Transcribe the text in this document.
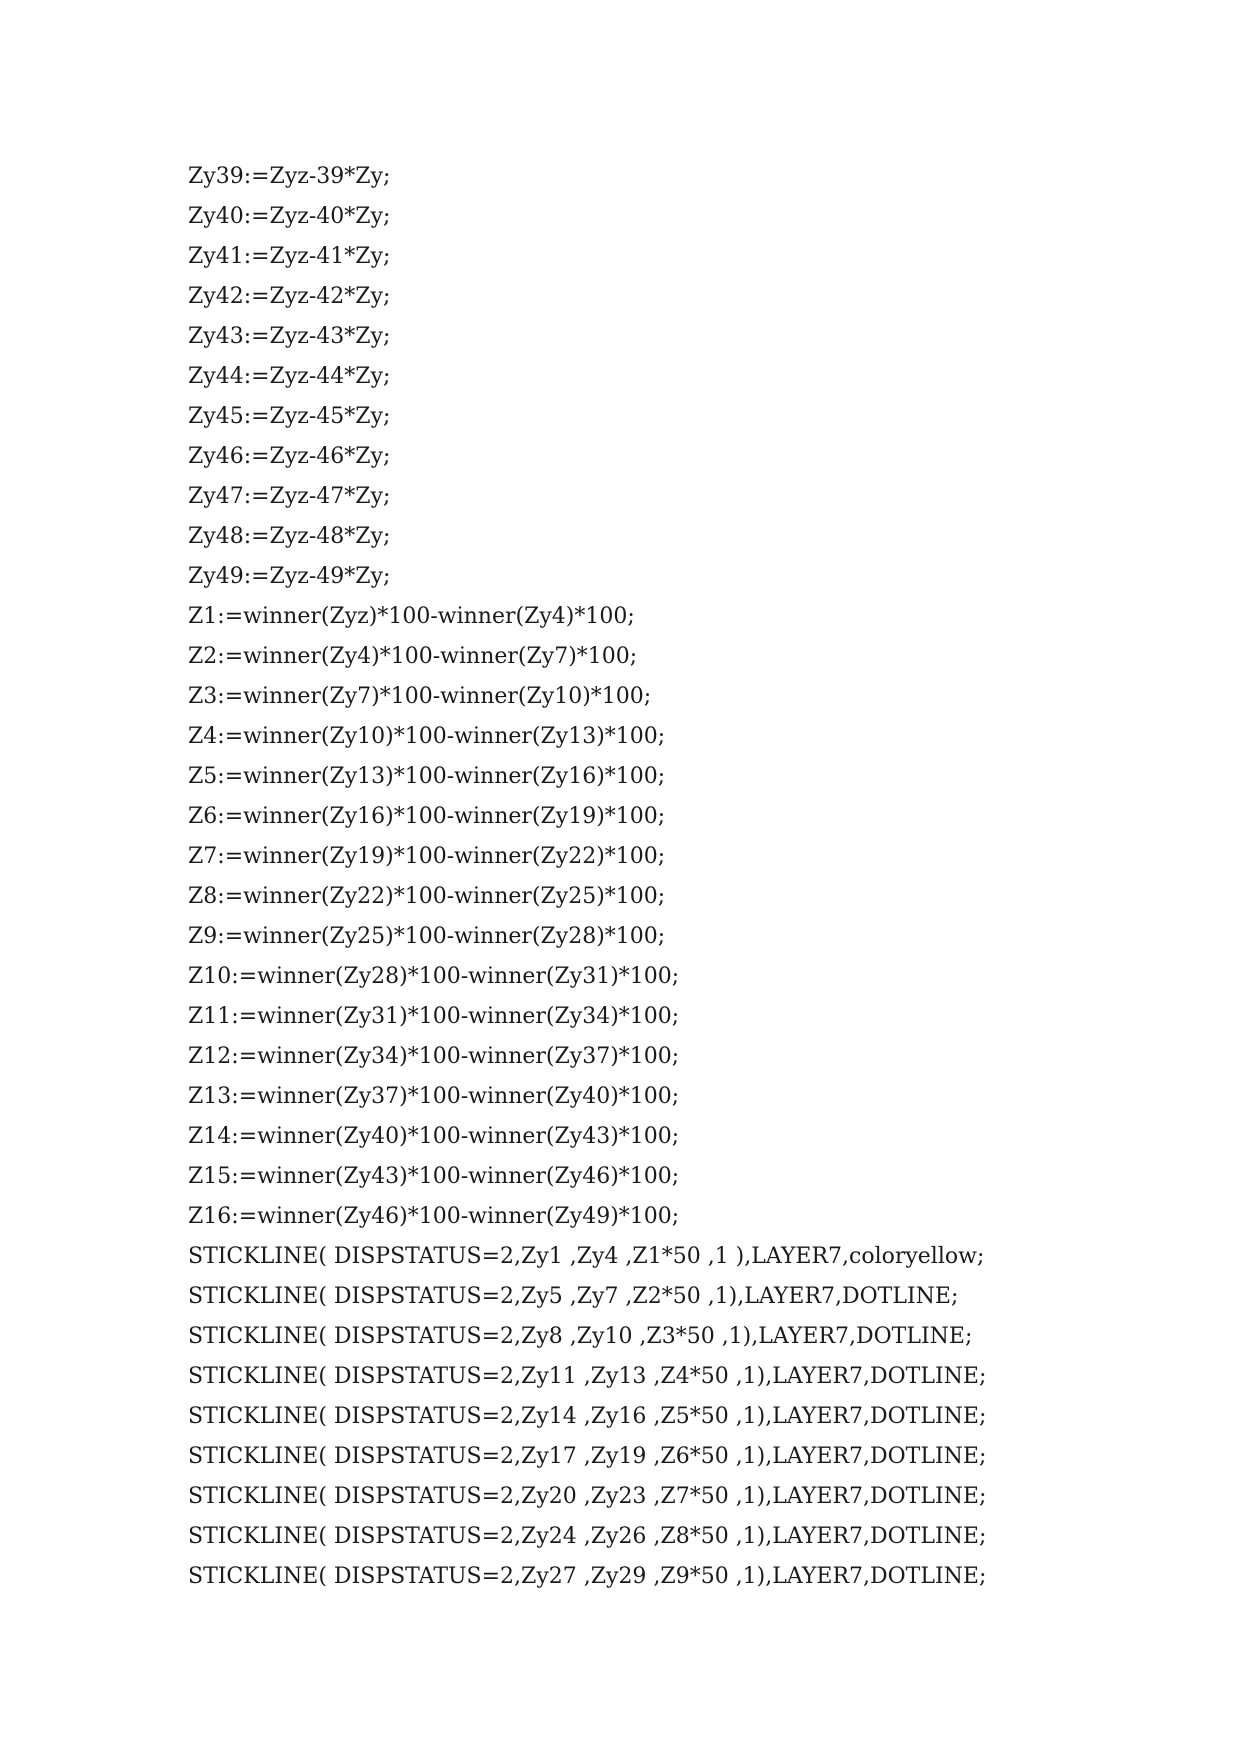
Zy39:=Zyz-39*Zy;
Zy40:=Zyz-40*Zy;
Zy41:=Zyz-41*Zy;
Zy42:=Zyz-42*Zy;
Zy43:=Zyz-43*Zy;
Zy44:=Zyz-44*Zy;
Zy45:=Zyz-45*Zy;
Zy46:=Zyz-46*Zy;
Zy47:=Zyz-47*Zy;
Zy48:=Zyz-48*Zy;
Zy49:=Zyz-49*Zy;
Z1:=winner(Zyz)*100-winner(Zy4)*100;
Z2:=winner(Zy4)*100-winner(Zy7)*100;
Z3:=winner(Zy7)*100-winner(Zy10)*100;
Z4:=winner(Zy10)*100-winner(Zy13)*100;
Z5:=winner(Zy13)*100-winner(Zy16)*100;
Z6:=winner(Zy16)*100-winner(Zy19)*100;
Z7:=winner(Zy19)*100-winner(Zy22)*100;
Z8:=winner(Zy22)*100-winner(Zy25)*100;
Z9:=winner(Zy25)*100-winner(Zy28)*100;
Z10:=winner(Zy28)*100-winner(Zy31)*100;
Z11:=winner(Zy31)*100-winner(Zy34)*100;
Z12:=winner(Zy34)*100-winner(Zy37)*100;
Z13:=winner(Zy37)*100-winner(Zy40)*100;
Z14:=winner(Zy40)*100-winner(Zy43)*100;
Z15:=winner(Zy43)*100-winner(Zy46)*100;
Z16:=winner(Zy46)*100-winner(Zy49)*100;
STICKLINE( DISPSTATUS=2,Zy1 ,Zy4 ,Z1*50 ,1 ),LAYER7,coloryellow;
STICKLINE( DISPSTATUS=2,Zy5 ,Zy7 ,Z2*50 ,1),LAYER7,DOTLINE;
STICKLINE( DISPSTATUS=2,Zy8 ,Zy10 ,Z3*50 ,1),LAYER7,DOTLINE;
STICKLINE( DISPSTATUS=2,Zy11 ,Zy13 ,Z4*50 ,1),LAYER7,DOTLINE;
STICKLINE( DISPSTATUS=2,Zy14 ,Zy16 ,Z5*50 ,1),LAYER7,DOTLINE;
STICKLINE( DISPSTATUS=2,Zy17 ,Zy19 ,Z6*50 ,1),LAYER7,DOTLINE;
STICKLINE( DISPSTATUS=2,Zy20 ,Zy23 ,Z7*50 ,1),LAYER7,DOTLINE;
STICKLINE( DISPSTATUS=2,Zy24 ,Zy26 ,Z8*50 ,1),LAYER7,DOTLINE;
STICKLINE( DISPSTATUS=2,Zy27 ,Zy29 ,Z9*50 ,1),LAYER7,DOTLINE;
